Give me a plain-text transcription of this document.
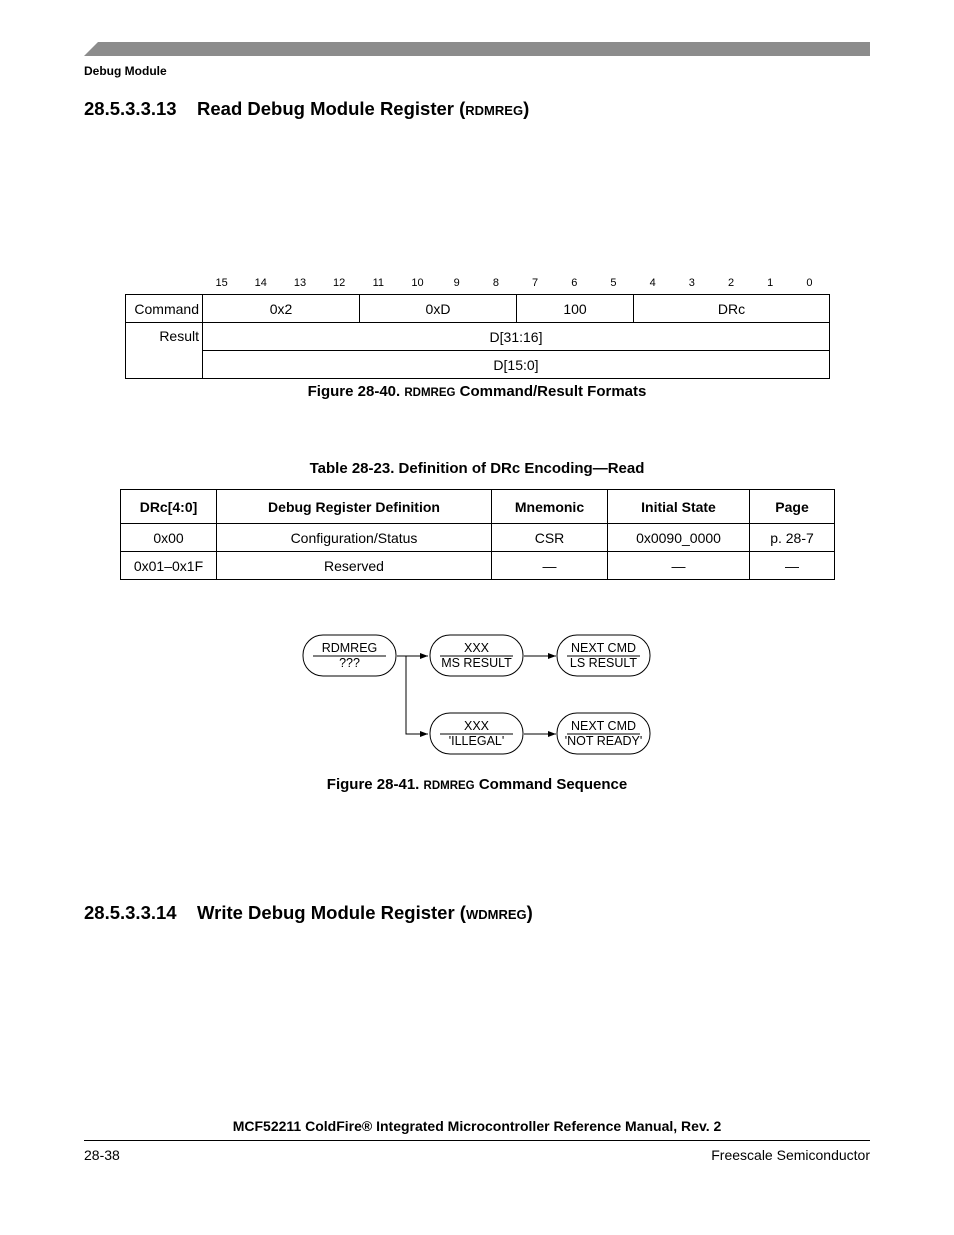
Debug Module
28.5.3.3.13 Read Debug Module Register (RDMREG)
15	14	13	12	11	10	9	8	7	6	5	4	3	2	1	0
Command	0x2	0xD	100	DRc
Result	D[31:16]			
	D[15:0]			
Figure 28-40. RDMREG Command/Result Formats
Table 28-23. Definition of DRc Encoding—Read
DRc[4:0]	Debug Register Definition	Mnemonic	Initial State	Page
0x00	Configuration/Status	CSR	0x0090_0000	p. 28-7
0x01–0x1F	Reserved	—	—	—
RDMREG
???
XXX
MS RESULT
NEXT CMD
LS RESULT
XXX
'ILLEGAL'
NEXT CMD
'NOT READY'
Figure 28-41. RDMREG Command Sequence
28.5.3.3.14 Write Debug Module Register (WDMREG)
MCF52211 ColdFire® Integrated Microcontroller Reference Manual, Rev. 2
28-38	Freescale Semiconductor
